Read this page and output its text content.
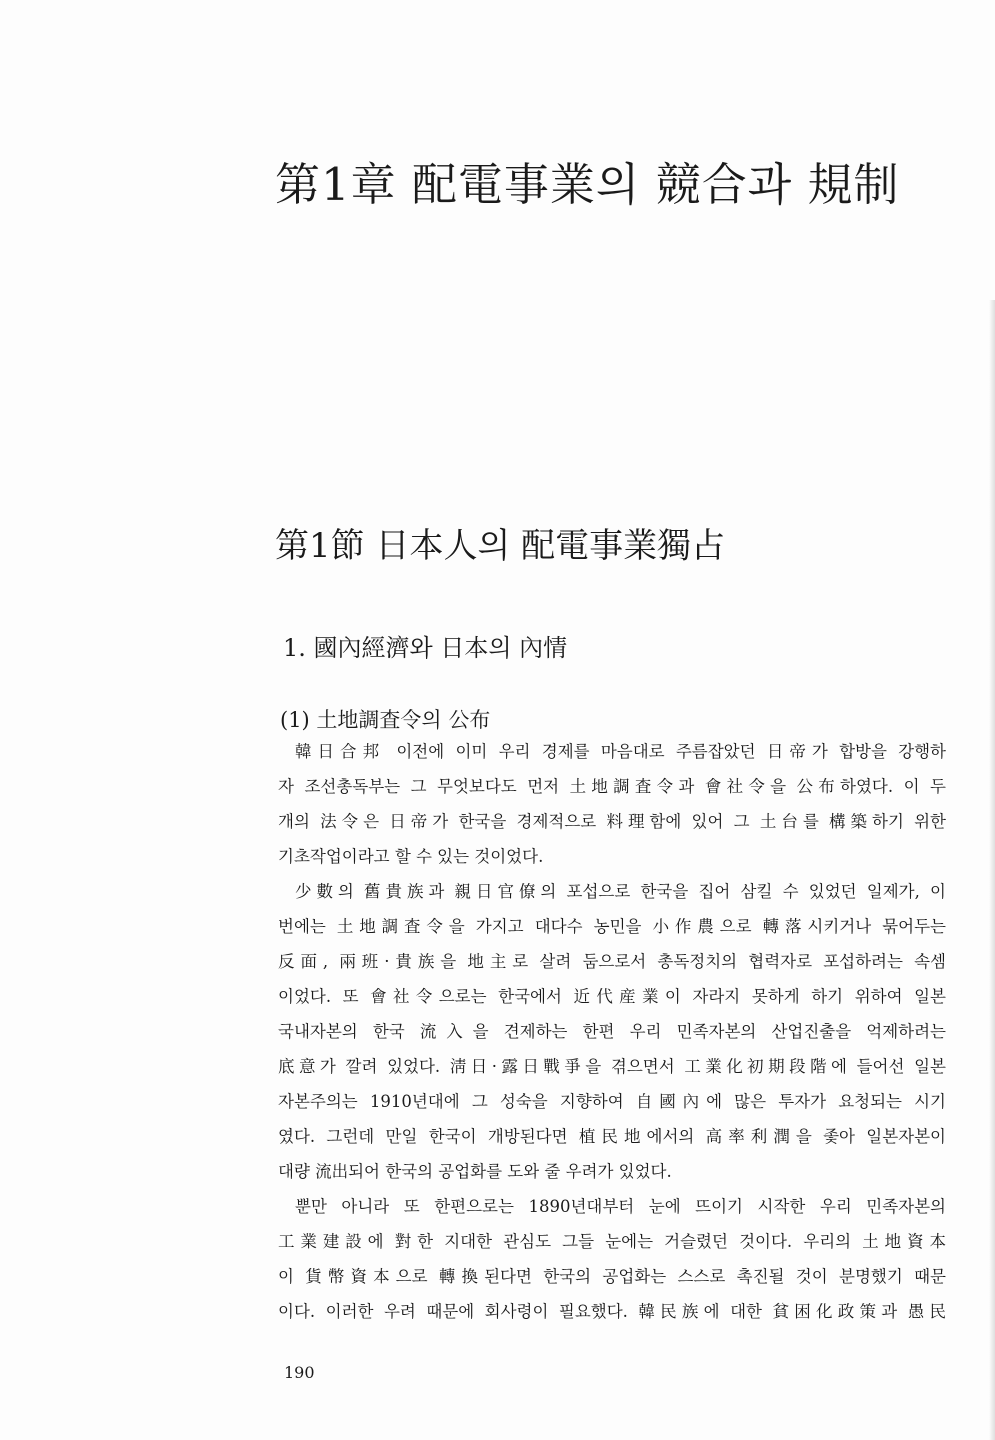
第1章 配電事業의 競合과 規制
第1節 日本人의 配電事業獨占
1. 國內經濟와 日本의 內情
(1) 土地調査令의 公布
韓日合邦 이전에 이미 우리 경제를 마음대로 주름잡았던 日帝가 합방을 강행하
자 조선총독부는 그 무엇보다도 먼저 土地調査令과 會社令을 公布하였다. 이 두
개의 法令은 日帝가 한국을 경제적으로 料理함에 있어 그 土台를 構築하기 위한
기초작업이라고 할 수 있는 것이었다.
少數의 舊貴族과 親日官僚의 포섭으로 한국을 집어 삼킬 수 있었던 일제가, 이
번에는 土地調査令을 가지고 대다수 농민을 小作農으로 轉落시키거나 묶어두는
反面, 兩班·貴族을 地主로 살려 둠으로서 총독정치의 협력자로 포섭하려는 속셈
이었다. 또 會社令으로는 한국에서 近代産業이 자라지 못하게 하기 위하여 일본
국내자본의 한국 流入을 견제하는 한편 우리 민족자본의 산업진출을 억제하려는
底意가 깔려 있었다. 淸日·露日戰爭을 겪으면서 工業化初期段階에 들어선 일본
자본주의는 1910년대에 그 성숙을 지향하여 自國內에 많은 투자가 요청되는 시기
였다. 그런데 만일 한국이 개방된다면 植民地에서의 高率利潤을 좇아 일본자본이
대량 流出되어 한국의 공업화를 도와 줄 우려가 있었다.
뿐만 아니라 또 한편으로는 1890년대부터 눈에 뜨이기 시작한 우리 민족자본의
工業建設에 對한 지대한 관심도 그들 눈에는 거슬렸던 것이다. 우리의 土地資本
이 貨幣資本으로 轉換된다면 한국의 공업화는 스스로 촉진될 것이 분명했기 때문
이다. 이러한 우려 때문에 회사령이 필요했다. 韓民族에 대한 貧困化政策과 愚民

190
